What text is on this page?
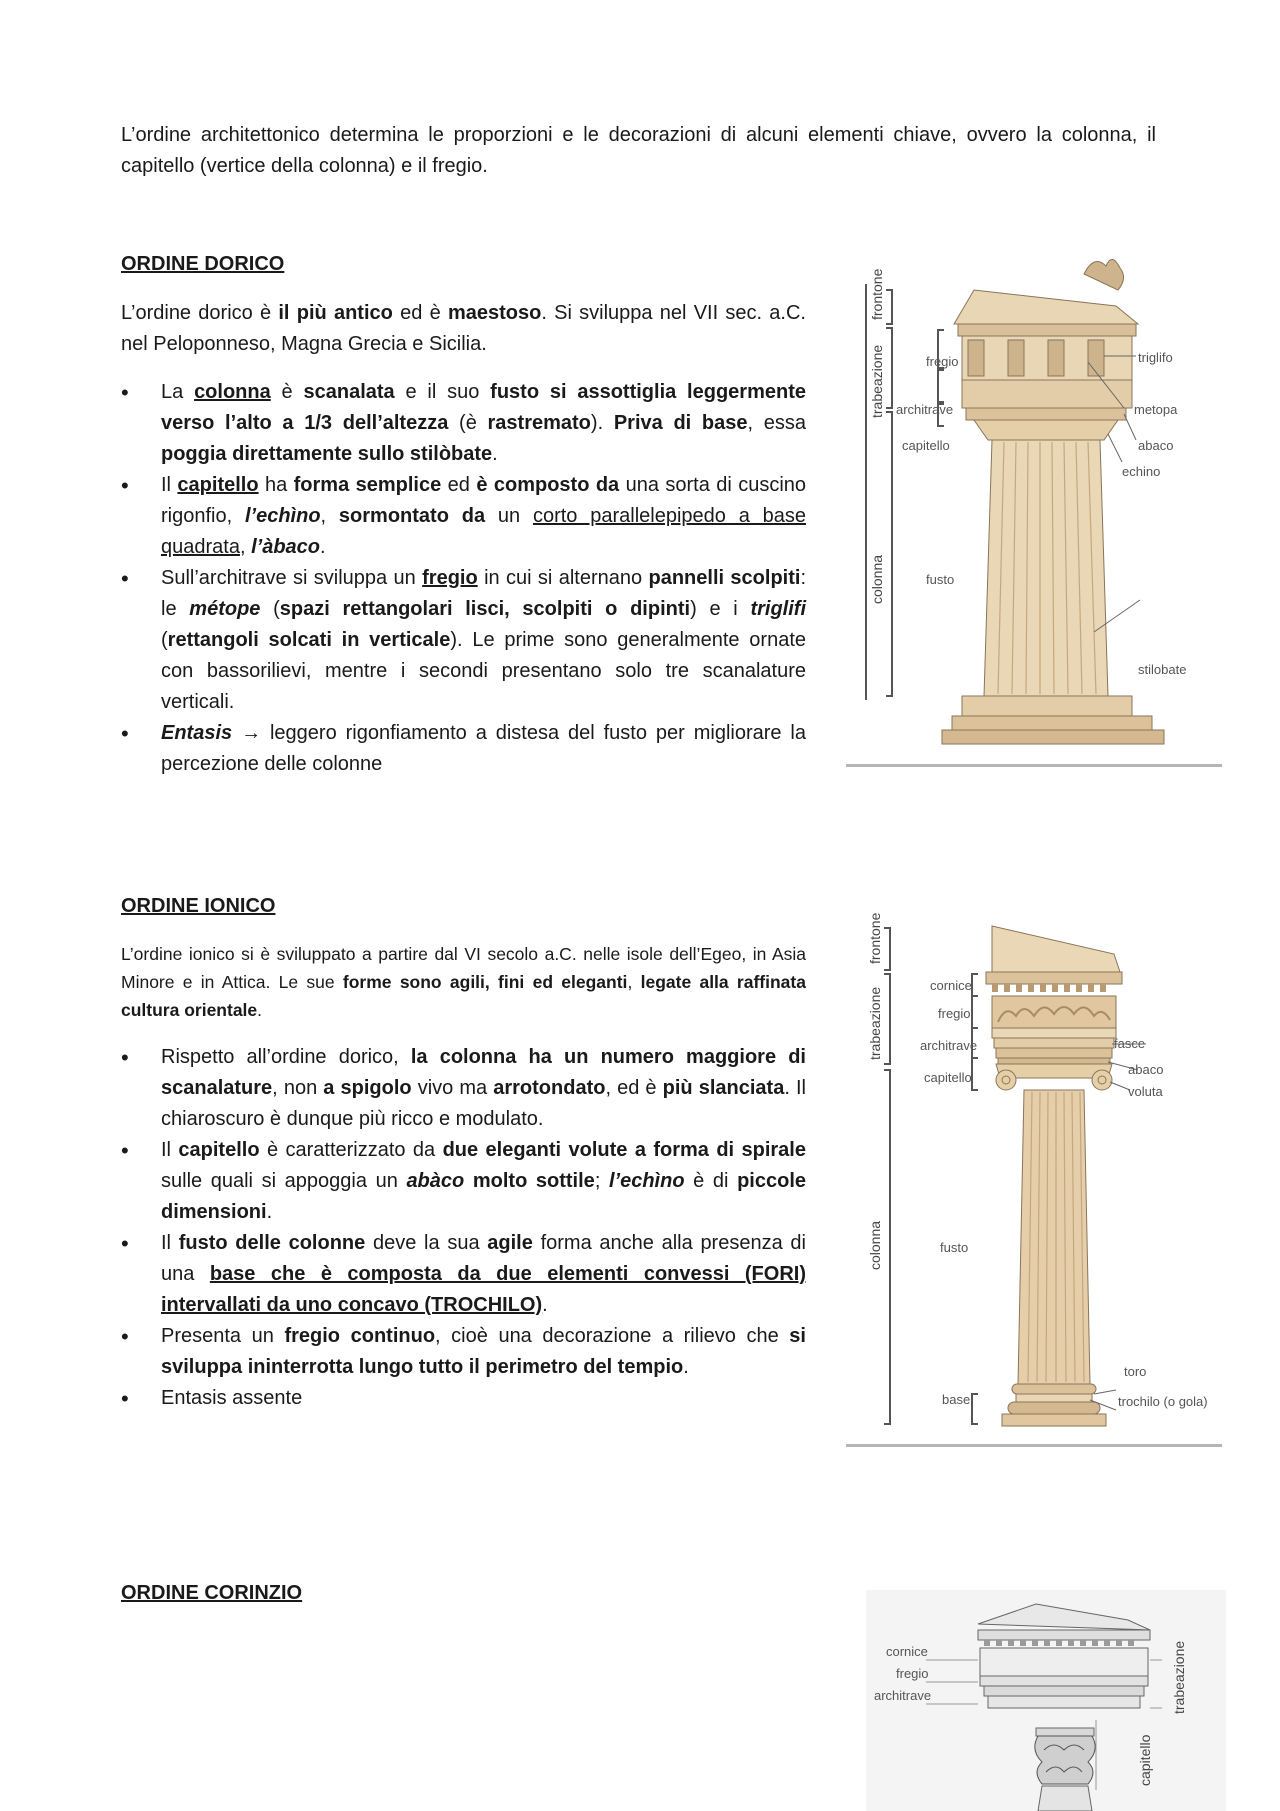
L’ordine architettonico determina le proporzioni e le decorazioni di alcuni elementi chiave, ovvero la colonna, il capitello (vertice della colonna) e il fregio.

ORDINE DORICO

L’ordine dorico è il più antico ed è maestoso. Si sviluppa nel VII sec. a.C. nel Peloponneso, Magna Grecia e Sicilia.

• La colonna è scanalata e il suo fusto si assottiglia leggermente verso l’alto a 1/3 dell’altezza (è rastremato). Priva di base, essa poggia direttamente sullo stilòbate.
• Il capitello ha forma semplice ed è composto da una sorta di cuscino rigonfio, l’echìno, sormontato da un corto parallelepipedo a base quadrata, l’àbaco.
• Sull’architrave si sviluppa un fregio in cui si alternano pannelli scolpiti: le métope (spazi rettangolari lisci, scolpiti o dipinti) e i triglifi (rettangoli solcati in verticale). Le prime sono generalmente ornate con bassorilievi, mentre i secondi presentano solo tre scanalature verticali.
• Entasis → leggero rigonfiamento a distesa del fusto per migliorare la percezione delle colonne
frontone
trabeazione
colonna
fregio
architrave
capitello
fusto
triglifo
metopa
abaco
echino
stilobate
ORDINE IONICO

L’ordine ionico si è sviluppato a partire dal VI secolo a.C. nelle isole dell’Egeo, in Asia Minore e in Attica. Le sue forme sono agili, fini ed eleganti, legate alla raffinata cultura orientale.

• Rispetto all’ordine dorico, la colonna ha un numero maggiore di scanalature, non a spigolo vivo ma arrotondato, ed è più slanciata. Il chiaroscuro è dunque più ricco e modulato.
• Il capitello è caratterizzato da due eleganti volute a forma di spirale sulle quali si appoggia un abàco molto sottile; l’echìno è di piccole dimensioni.
• Il fusto delle colonne deve la sua agile forma anche alla presenza di una base che è composta da due elementi convessi (FORI) intervallati da uno concavo (TROCHILO).
• Presenta un fregio continuo, cioè una decorazione a rilievo che si sviluppa ininterrotta lungo tutto il perimetro del tempio.
• Entasis assente
frontone
trabeazione
colonna
cornice
fregio
architrave
capitello
fusto
base
fasce
abaco
voluta
toro
trochilo (o gola)
ORDINE CORINZIO
cornice
fregio
architrave	trabeazione
capitello
